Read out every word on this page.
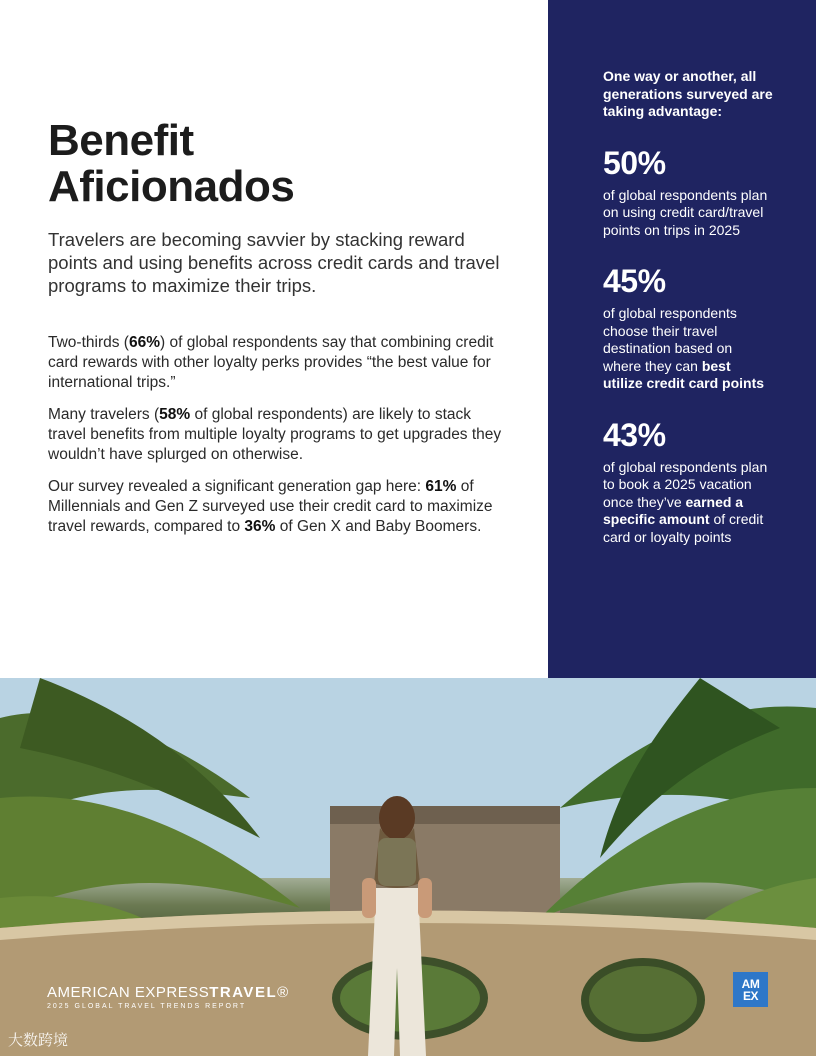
Benefit
Aficionados

Travelers are becoming savvier by stacking reward points and using benefits across credit cards and travel programs to maximize their trips.

Two-thirds (66%) of global respondents say that combining credit card rewards with other loyalty perks provides “the best value for international trips.”

Many travelers (58% of global respondents) are likely to stack travel benefits from multiple loyalty programs to get upgrades they wouldn’t have splurged on otherwise.

Our survey revealed a significant generation gap here: 61% of Millennials and Gen Z surveyed use their credit card to maximize travel rewards, compared to 36% of Gen X and Baby Boomers.

One way or another, all generations surveyed are taking advantage:

50%

of global respondents plan on using credit card/travel points on trips in 2025

45%

of global respondents choose their travel destination based on where they can best utilize credit card points

43%

of global respondents plan to book a 2025 vacation once they’ve earned a specific amount of credit card or loyalty points

AMERICAN EXPRESSTRAVEL®
2025 GLOBAL TRAVEL TRENDS REPORT
AM
EX
大数跨境
